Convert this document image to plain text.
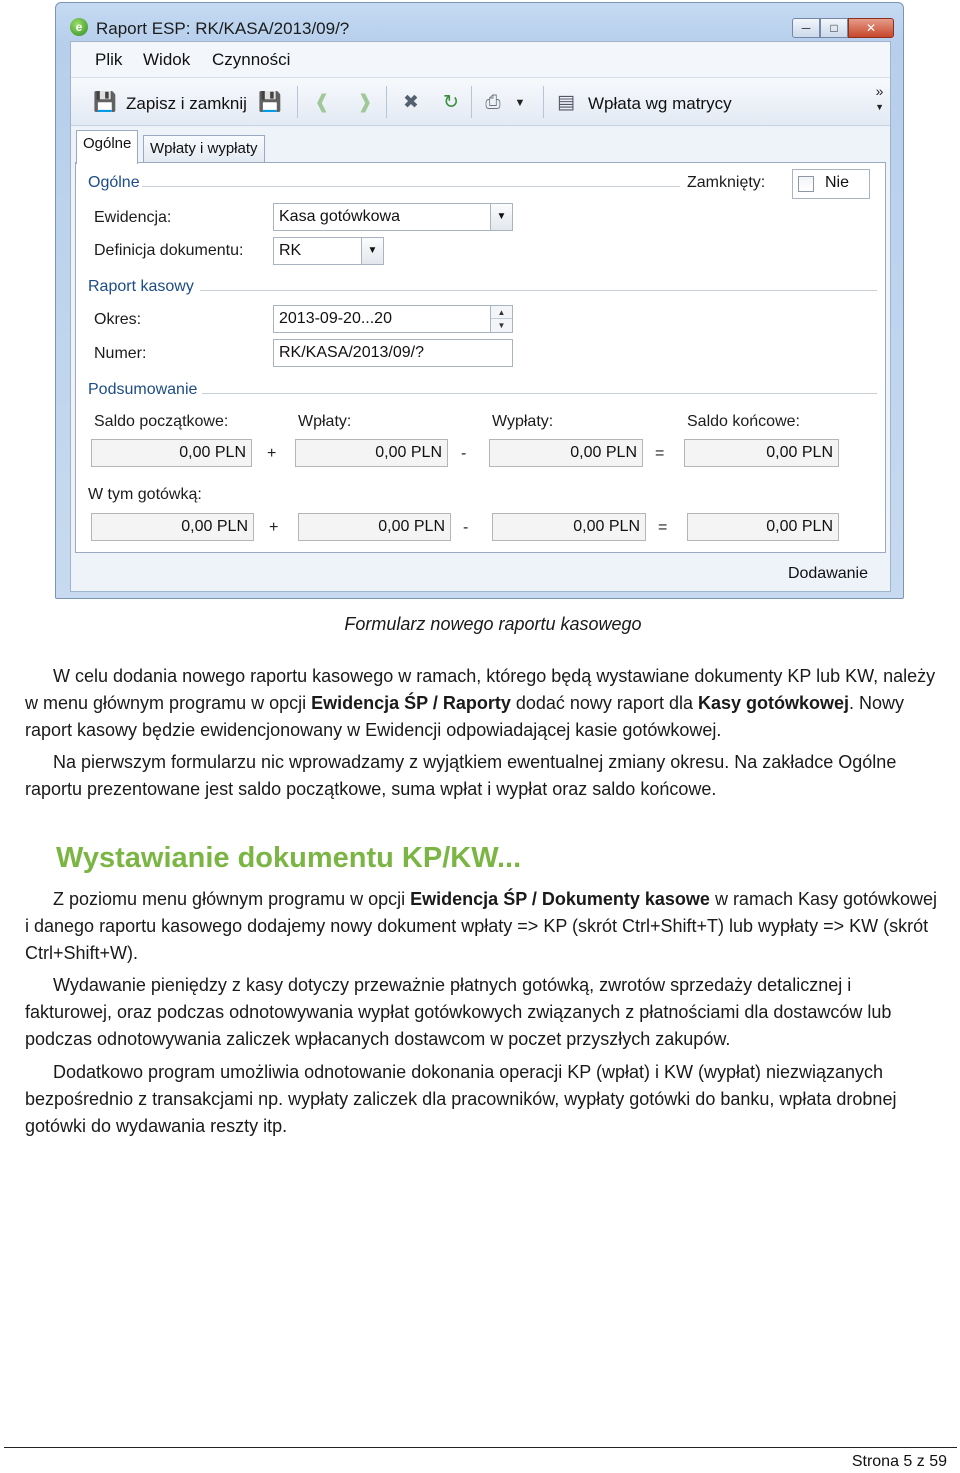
e Raport ESP: RK/KASA/2013/09/?	─	□	✕
Plik Widok Czynności
💾 Zapisz i zamknij 💾 ❰ ❱ ✖ ↻ ⎙	▼ ▤ Wpłata wg matrycy
»
▼
Ogólne	Wpłaty i wypłaty
Ogólne	Zamknięty:	Nie
Ewidencja:	Kasa gotówkowa	▼
Definicja dokumentu:	RK	▼
Raport kasowy
Okres:	2013-09-20...20	▲
▼
Numer:	RK/KASA/2013/09/?
Podsumowanie
Saldo początkowe:	Wpłaty:	Wypłaty:	Saldo końcowe:
0,00 PLN	+	0,00 PLN	-	0,00 PLN	=	0,00 PLN
W tym gotówką:
0,00 PLN	+	0,00 PLN	-	0,00 PLN	=	0,00 PLN
Dodawanie
Formularz nowego raportu kasowego

W celu dodania nowego raportu kasowego w ramach, którego będą wystawiane dokumenty KP lub KW, należy w menu głównym programu w opcji Ewidencja ŚP / Raporty dodać nowy raport dla Kasy gotówkowej. Nowy raport kasowy będzie ewidencjonowany w Ewidencji odpowiadającej kasie gotówkowej.

Na pierwszym formularzu nic wprowadzamy z wyjątkiem ewentualnej zmiany okresu. Na zakładce Ogólne raportu prezentowane jest saldo początkowe, suma wpłat i wypłat oraz saldo końcowe.

Wystawianie dokumentu KP/KW...

Z poziomu menu głównym programu w opcji Ewidencja ŚP / Dokumenty kasowe w ramach Kasy gotówkowej i danego raportu kasowego dodajemy nowy dokument wpłaty => KP (skrót Ctrl+Shift+T) lub wypłaty => KW (skrót Ctrl+Shift+W).

Wydawanie pieniędzy z kasy dotyczy przeważnie płatnych gotówką, zwrotów sprzedaży detalicznej i fakturowej, oraz podczas odnotowywania wypłat gotówkowych związanych z płatnościami dla dostawców lub podczas odnotowywania zaliczek wpłacanych dostawcom w poczet przyszłych zakupów.

Dodatkowo program umożliwia odnotowanie dokonania operacji KP (wpłat) i KW (wypłat) niezwiązanych bezpośrednio z transakcjami np. wypłaty zaliczek dla pracowników, wypłaty gotówki do banku, wpłata drobnej gotówki do wydawania reszty itp.

Strona 5 z 59
